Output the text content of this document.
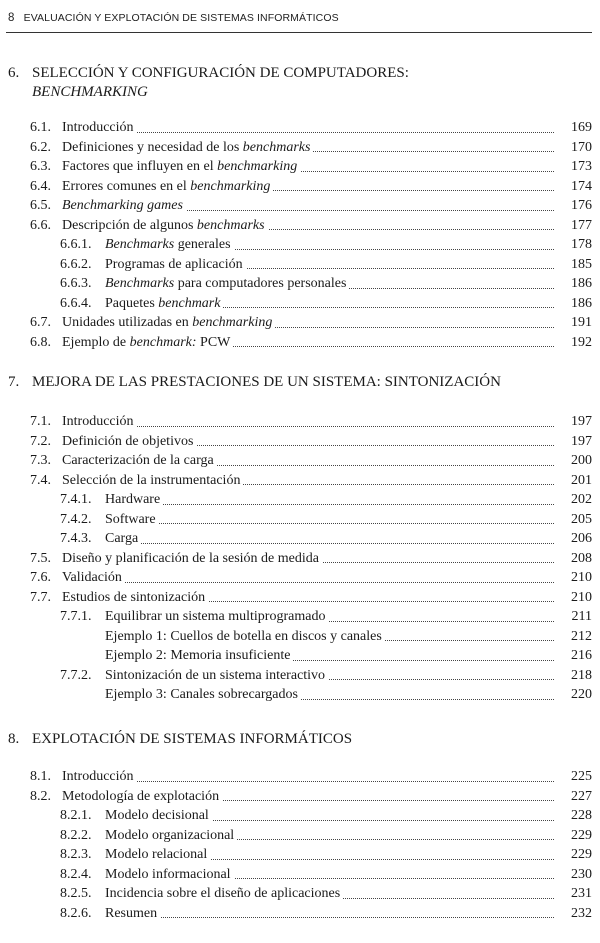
8 EVALUACIÓN Y EXPLOTACIÓN DE SISTEMAS INFORMÁTICOS
6. SELECCIÓN Y CONFIGURACIÓN DE COMPUTADORES:
BENCHMARKING
6.1. Introducción	169
6.2. Definiciones y necesidad de los benchmarks	170
6.3. Factores que influyen en el benchmarking	173
6.4. Errores comunes en el benchmarking	174
6.5. Benchmarking games	176
6.6. Descripción de algunos benchmarks	177
6.6.1. Benchmarks generales	178
6.6.2. Programas de aplicación	185
6.6.3. Benchmarks para computadores personales	186
6.6.4. Paquetes benchmark	186
6.7. Unidades utilizadas en benchmarking	191
6.8. Ejemplo de benchmark: PCW	192
7. MEJORA DE LAS PRESTACIONES DE UN SISTEMA: SINTONIZACIÓN
7.1. Introducción	197
7.2. Definición de objetivos	197
7.3. Caracterización de la carga	200
7.4. Selección de la instrumentación	201
7.4.1. Hardware	202
7.4.2. Software	205
7.4.3. Carga	206
7.5. Diseño y planificación de la sesión de medida	208
7.6. Validación	210
7.7. Estudios de sintonización	210
7.7.1. Equilibrar un sistema multiprogramado	211
Ejemplo 1: Cuellos de botella en discos y canales	212
Ejemplo 2: Memoria insuficiente	216
7.7.2. Sintonización de un sistema interactivo	218
Ejemplo 3: Canales sobrecargados	220
8. EXPLOTACIÓN DE SISTEMAS INFORMÁTICOS
8.1. Introducción	225
8.2. Metodología de explotación	227
8.2.1. Modelo decisional	228
8.2.2. Modelo organizacional	229
8.2.3. Modelo relacional	229
8.2.4. Modelo informacional	230
8.2.5. Incidencia sobre el diseño de aplicaciones	231
8.2.6. Resumen	232
